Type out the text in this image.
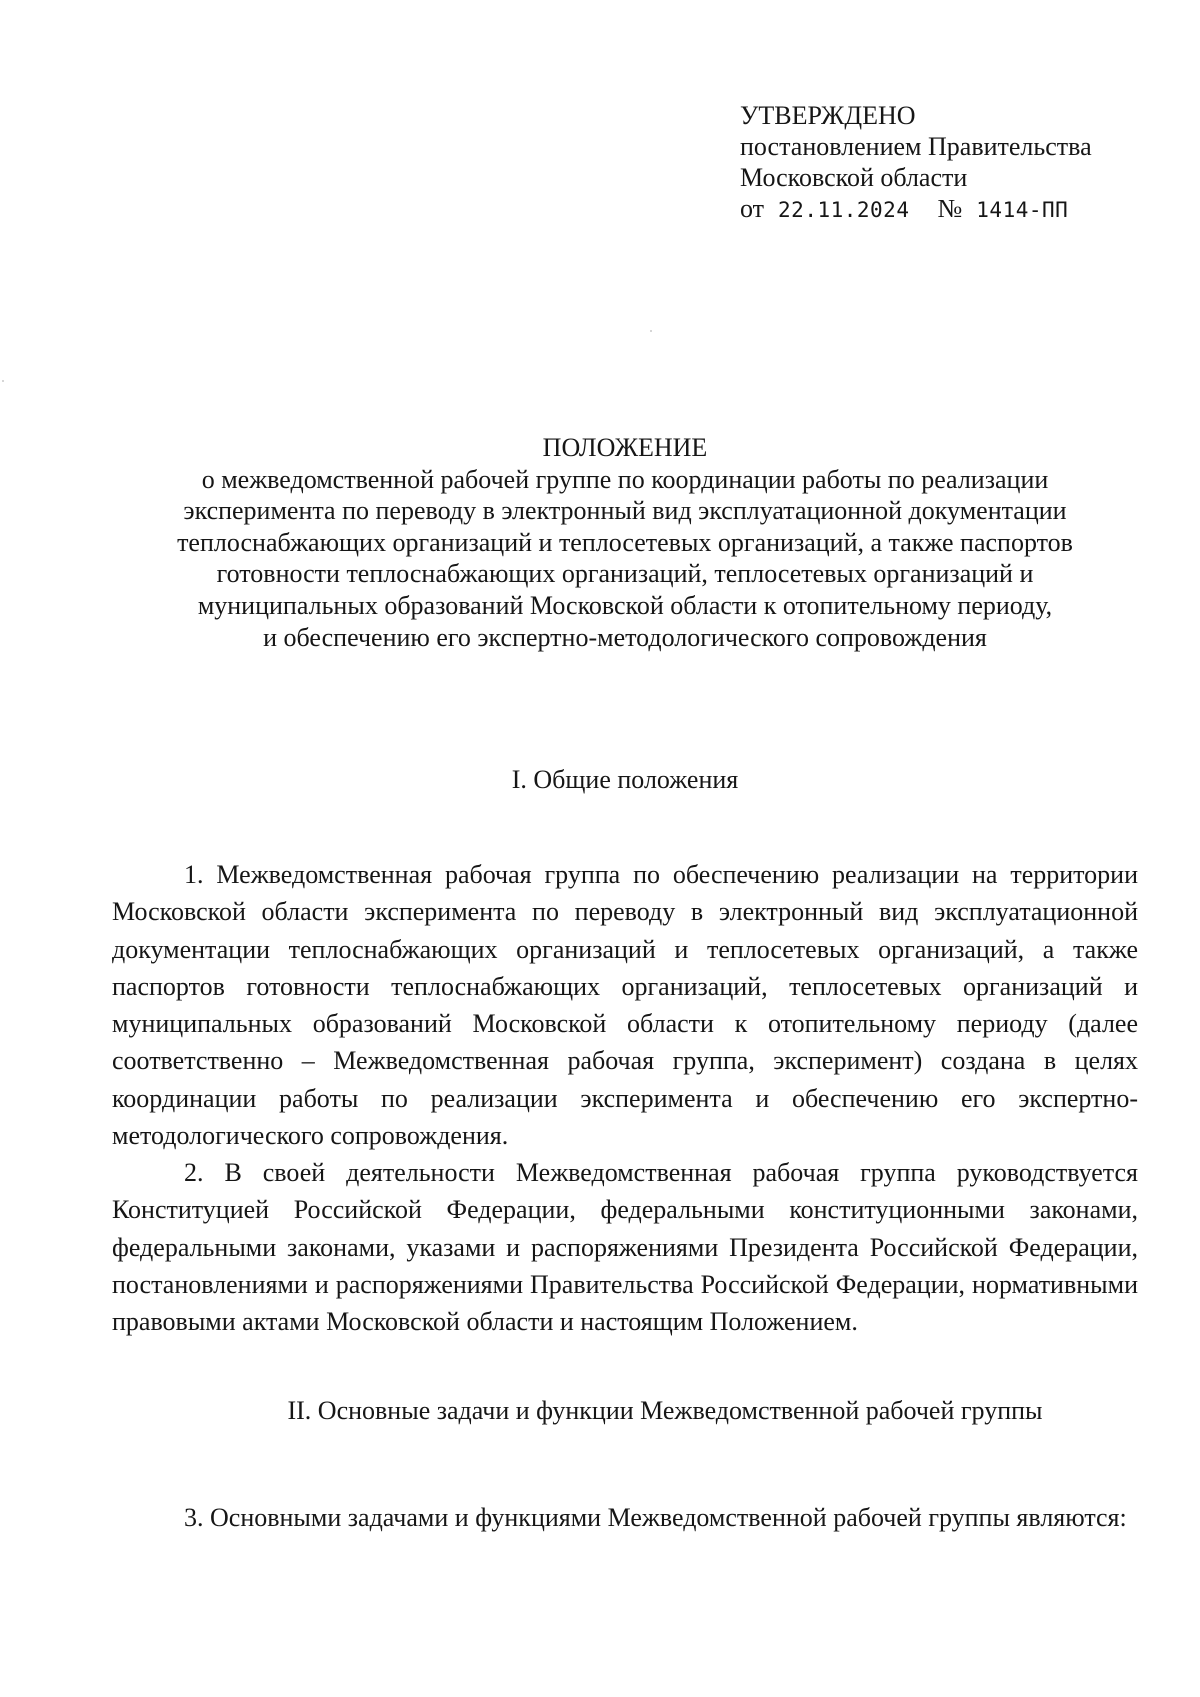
УТВЕРЖДЕНО
постановлением Правительства
Московской области
от 22.11.2024 № 1414-ПП
ПОЛОЖЕНИЕ
о межведомственной рабочей группе по координации работы по реализации
эксперимента по переводу в электронный вид эксплуатационной документации
теплоснабжающих организаций и теплосетевых организаций, а также паспортов
готовности теплоснабжающих организаций, теплосетевых организаций и
муниципальных образований Московской области к отопительному периоду,
и обеспечению его экспертно-методологического сопровождения
I. Общие положения

1. Межведомственная рабочая группа по обеспечению реализации на территории Московской области эксперимента по переводу в электронный вид эксплуатационной документации теплоснабжающих организаций и теплосетевых организаций, а также паспортов готовности теплоснабжающих организаций, теплосетевых организаций и муниципальных образований Московской области к отопительному периоду (далее соответственно – Межведомственная рабочая группа, эксперимент) создана в целях координации работы по реализации эксперимента и обеспечению его экспертно-методологического сопровождения.

2. В своей деятельности Межведомственная рабочая группа руководствуется Конституцией Российской Федерации, федеральными конституционными законами, федеральными законами, указами и распоряжениями Президента Российской Федерации, постановлениями и распоряжениями Правительства Российской Федерации, нормативными правовыми актами Московской области и настоящим Положением.

II. Основные задачи и функции Межведомственной рабочей группы

3. Основными задачами и функциями Межведомственной рабочей группы являются:
